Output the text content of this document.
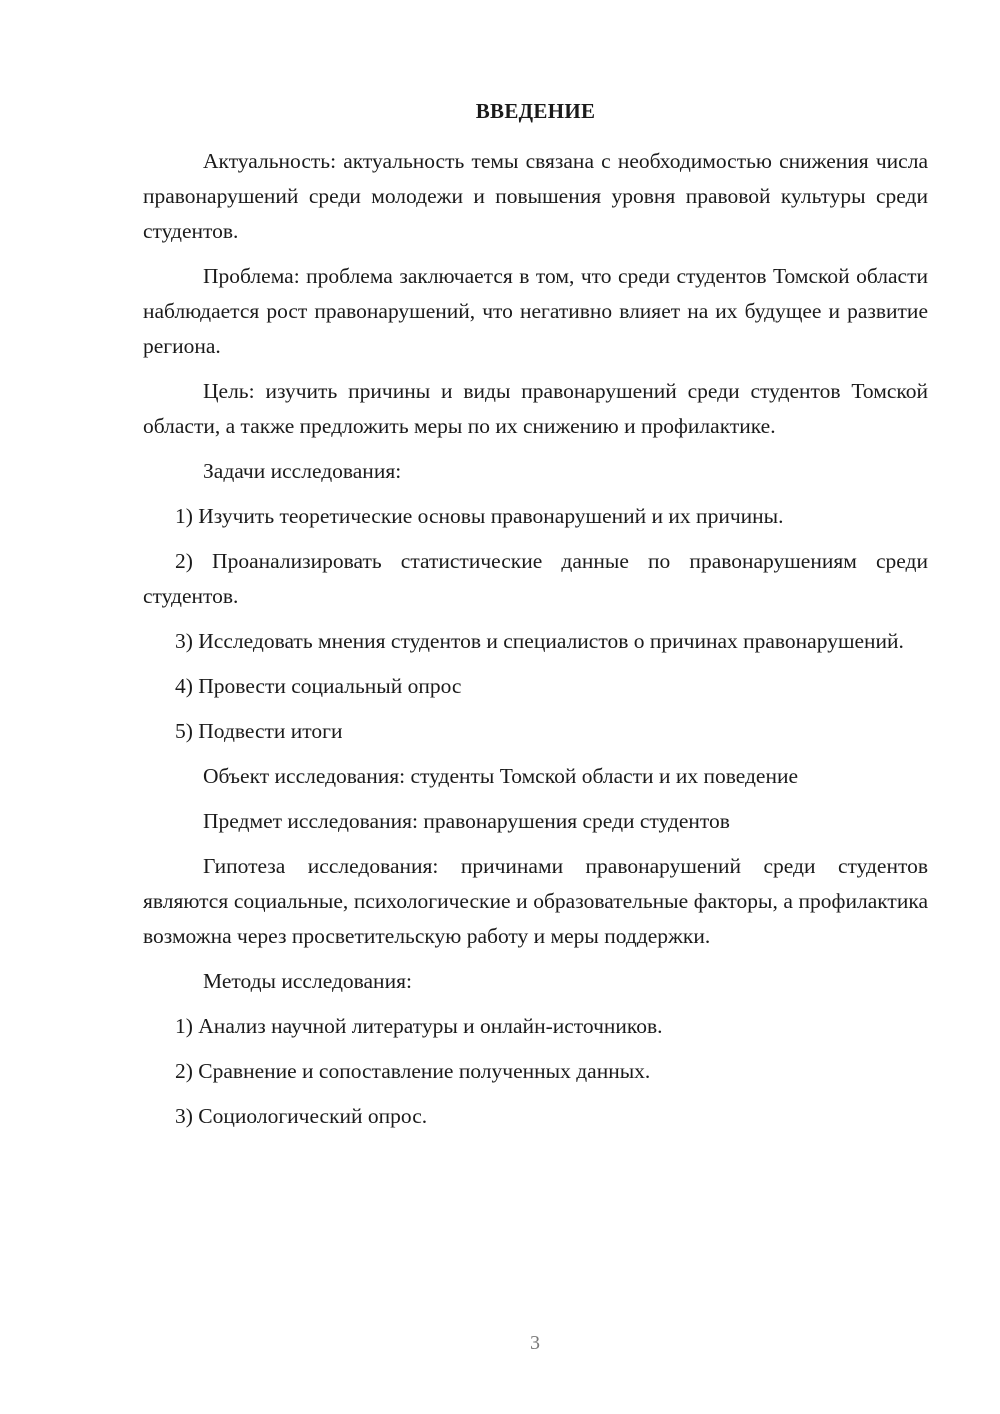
ВВЕДЕНИЕ

Актуальность: актуальность темы связана с необходимостью снижения числа правонарушений среди молодежи и повышения уровня правовой культуры среди студентов.

Проблема: проблема заключается в том, что среди студентов Томской области наблюдается рост правонарушений, что негативно влияет на их будущее и развитие региона.

Цель: изучить причины и виды правонарушений среди студентов Томской области, а также предложить меры по их снижению и профилактике.

Задачи исследования:

1) Изучить теоретические основы правонарушений и их причины.

2) Проанализировать статистические данные по правонарушениям среди студентов.

3) Исследовать мнения студентов и специалистов о причинах правонарушений.

4) Провести социальный опрос

5) Подвести итоги

Объект исследования: студенты Томской области и их поведение

Предмет исследования: правонарушения среди студентов

Гипотеза исследования: причинами правонарушений среди студентов являются социальные, психологические и образовательные факторы, а профилактика возможна через просветительскую работу и меры поддержки.

Методы исследования:

1) Анализ научной литературы и онлайн-источников.

2) Сравнение и сопоставление полученных данных.

3) Социологический опрос.

3
